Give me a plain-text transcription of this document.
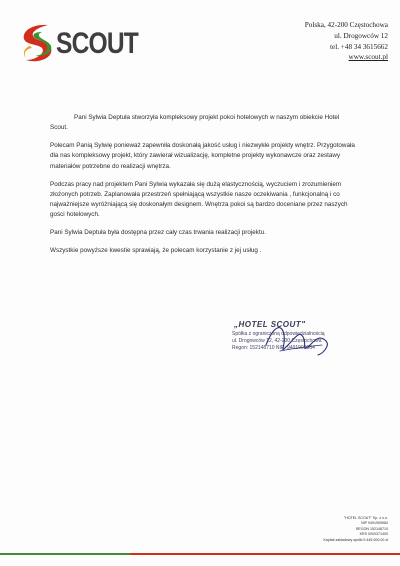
SCOUT
Polska, 42-200 Częstochowa
ul. Drogowców 12
tel. +48 34 3615662
www.scout.pl

Pani Sylwia Deptuła stworzyła kompleksowy projekt pokoi hotelowych w naszym obiekcie Hotel Scout.

Polecam Panią Sylwię ponieważ zapewniła doskonałą jakość usług i niezwykłe projekty wnętrz. Przygotowała dla nas kompleksowy projekt, który zawierał wizualizację, kompletne projekty wykonawcze oraz zestawy materiałów potrzebne do realizacji wnętrza.

Podczas pracy nad projektem Pani Sylwia wykazała się dużą elastycznością, wyczuciem i zrozumieniem złożonych potrzeb. Zaplanowała przestrzeń spełniającą wszystkie nasze oczekiwania , funkcjonalną i co najważniejsze wyróżniającą się doskonałym designem. Wnętrza pokoi są bardzo doceniane przez naszych gości hotelowych.

Pani Sylwia Deptuła była dostępna przez cały czas trwania realizacji projektu.

Wszystkie powyższe kwestie sprawiają, że polecam korzystanie z jej usług .

„HOTEL SCOUT"
Spółka z ograniczoną odpowiedzialnością
ul. Drogowców 12, 42-200 Częstochowa
Regon: 152148710 NIP: 9491905984
"HOTEL SCOUT" Sp. z o.o.
NIP 9491905984
REGON 152148710
KRS 0000371400
Kapitał zakładowy spółki 9.445.000,00 zł
